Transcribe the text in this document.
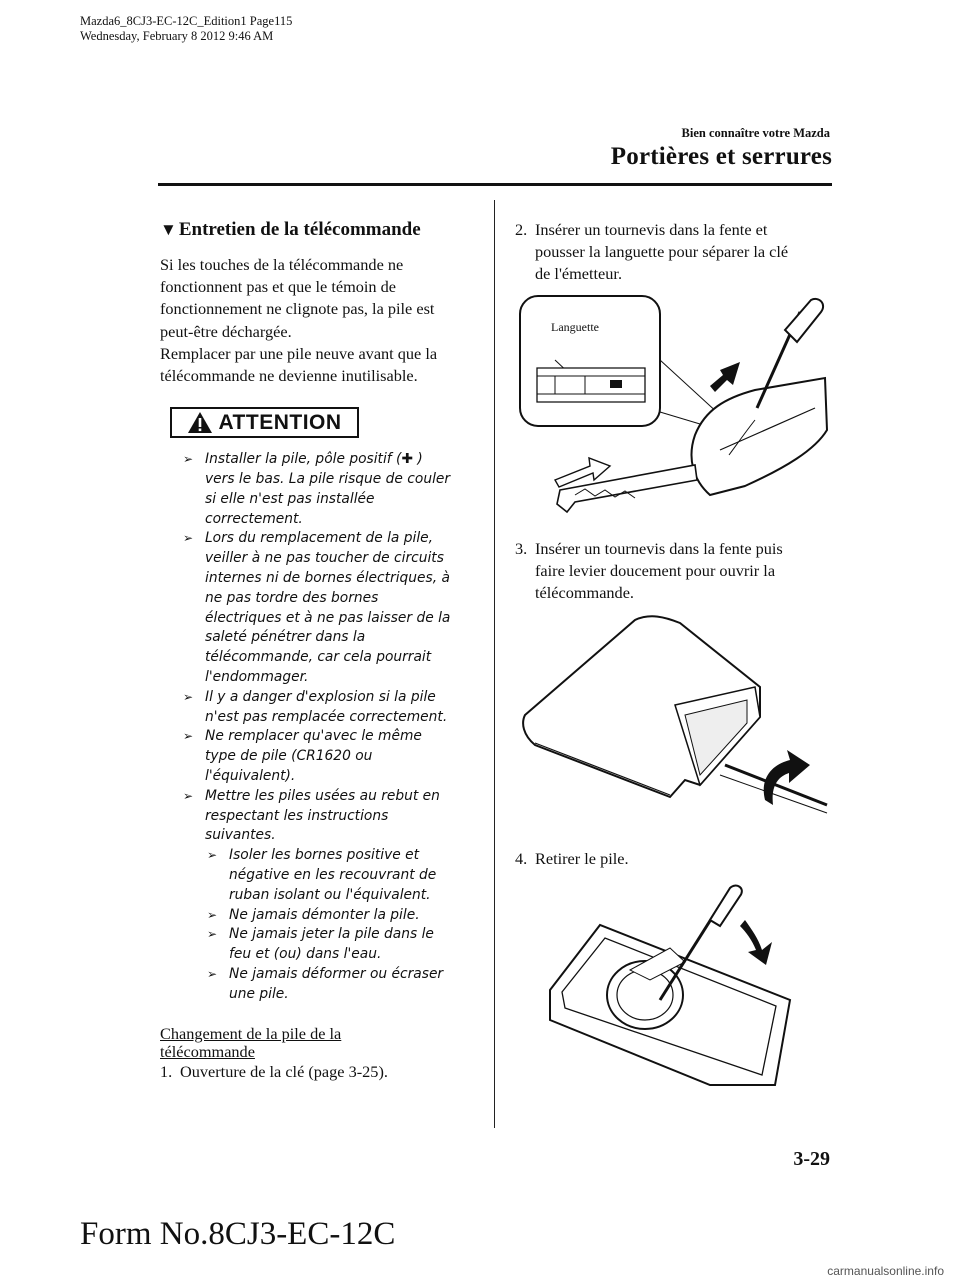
Mazda6_8CJ3-EC-12C_Edition1 Page115
Wednesday, February 8 2012 9:46 AM
Bien connaître votre Mazda
Portières et serrures
▼ Entretien de la télécommande

Si les touches de la télécommande ne

fonctionnent pas et que le témoin de

fonctionnement ne clignote pas, la pile est

peut-être déchargée.

Remplacer par une pile neuve avant que la

télécommande ne devienne inutilisable.

ATTENTION
➢ Installer la pile, pôle positif (✚ )
vers le bas. La pile risque de couler
si elle n'est pas installée
correctement.
➢ Lors du remplacement de la pile,
veiller à ne pas toucher de circuits
internes ni de bornes électriques, à
ne pas tordre des bornes
électriques et à ne pas laisser de la
saleté pénétrer dans la
télécommande, car cela pourrait
l'endommager.
➢ Il y a danger d'explosion si la pile
n'est pas remplacée correctement.
➢ Ne remplacer qu'avec le même
type de pile (CR1620 ou
l'équivalent).
➢ Mettre les piles usées au rebut en
respectant les instructions
suivantes.
➢ Isoler les bornes positive et
négative en les recouvrant de
ruban isolant ou l'équivalent.
➢ Ne jamais démonter la pile.
➢ Ne jamais jeter la pile dans le
feu et (ou) dans l'eau.
➢ Ne jamais déformer ou écraser
une pile.
Changement de la pile de la
télécommande
1. Ouverture de la clé (page 3-25).
2. Insérer un tournevis dans la fente et
pousser la languette pour séparer la clé
de l'émetteur.
Languette
3. Insérer un tournevis dans la fente puis
faire levier doucement pour ouvrir la
télécommande.
4. Retirer le pile.
3-29
Form No.8CJ3-EC-12C
carmanualsonline.info
